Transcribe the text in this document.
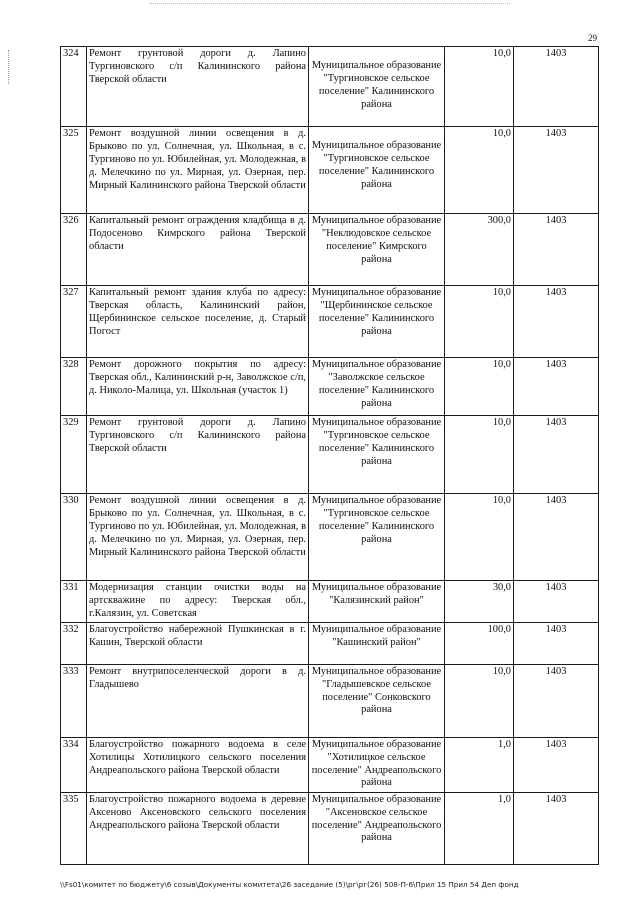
29
324	Ремонт грунтовой дороги д. Лапино Тургиновского с/п Калининского района Тверской области	Муниципальное образование "Тургиновское сельское поселение" Калининского района	10,0	1403
325	Ремонт воздушной линии освещения в д. Брыково по ул. Солнечная, ул. Школьная, в с. Тургиново по ул. Юбилейная, ул. Молодежная, в д. Мелечкино по ул. Мирная, ул. Озерная, пер. Мирный Калининского района Тверской области	Муниципальное образование "Тургиновское сельское поселение" Калининского района	10,0	1403
326	Капитальный ремонт ограждения кладбища в д. Подосеново Кимрского района Тверской области	Муниципальное образование "Неклюдовское сельское поселение" Кимрского района	300,0	1403
327	Капитальный ремонт здания клуба по адресу: Тверская область, Калининский район, Щербининское сельское поселение, д. Старый Погост	Муниципальное образование "Щербининское сельское поселение" Калининского района	10,0	1403
328	Ремонт дорожного покрытия по адресу: Тверская обл., Калининский р-н, Заволжское с/п, д. Николо-Малица, ул. Школьная (участок 1)	Муниципальное образование "Заволжское сельское поселение" Калининского района	10,0	1403
329	Ремонт грунтовой дороги д. Лапино Тургиновского с/п Калининского района Тверской области	Муниципальное образование "Тургиновское сельское поселение" Калининского района	10,0	1403
330	Ремонт воздушной линии освещения в д. Брыково по ул. Солнечная, ул. Школьная, в с. Тургиново по ул. Юбилейная, ул. Молодежная, в д. Мелечкино по ул. Мирная, ул. Озерная, пер. Мирный Калининского района Тверской области	Муниципальное образование "Тургиновское сельское поселение" Калининского района	10,0	1403
331	Модернизация станции очистки воды на артскважине по адресу: Тверская обл., г.Калязин, ул. Советская	Муниципальное образование "Калязинский район"	30,0	1403
332	Благоустройство набережной Пушкинская в г. Кашин, Тверской области	Муниципальное образование "Кашинский район"	100,0	1403
333	Ремонт внутрипоселенческой дороги в д. Гладышево	Муниципальное образование "Гладышевское сельское поселение" Сонковского района	10,0	1403
334	Благоустройство пожарного водоема в селе Хотилицы Хотилицкого сельского поселения Андреапольского района Тверской области	Муниципальное образование "Хотилицкое сельское поселение" Андреапольского района	1,0	1403
335	Благоустройство пожарного водоема в деревне Аксеново Аксеновского сельского поселения Андреапольского района Тверской области	Муниципальное образование "Аксеновское сельское поселение" Андреапольского района	1,0	1403
\\Fs01\комитет по бюджету\6 созыв\Документы комитета\26 заседание (5)\рг\рг(26) 508-П-6\Прил 15 Прил 54 Деп фонд
